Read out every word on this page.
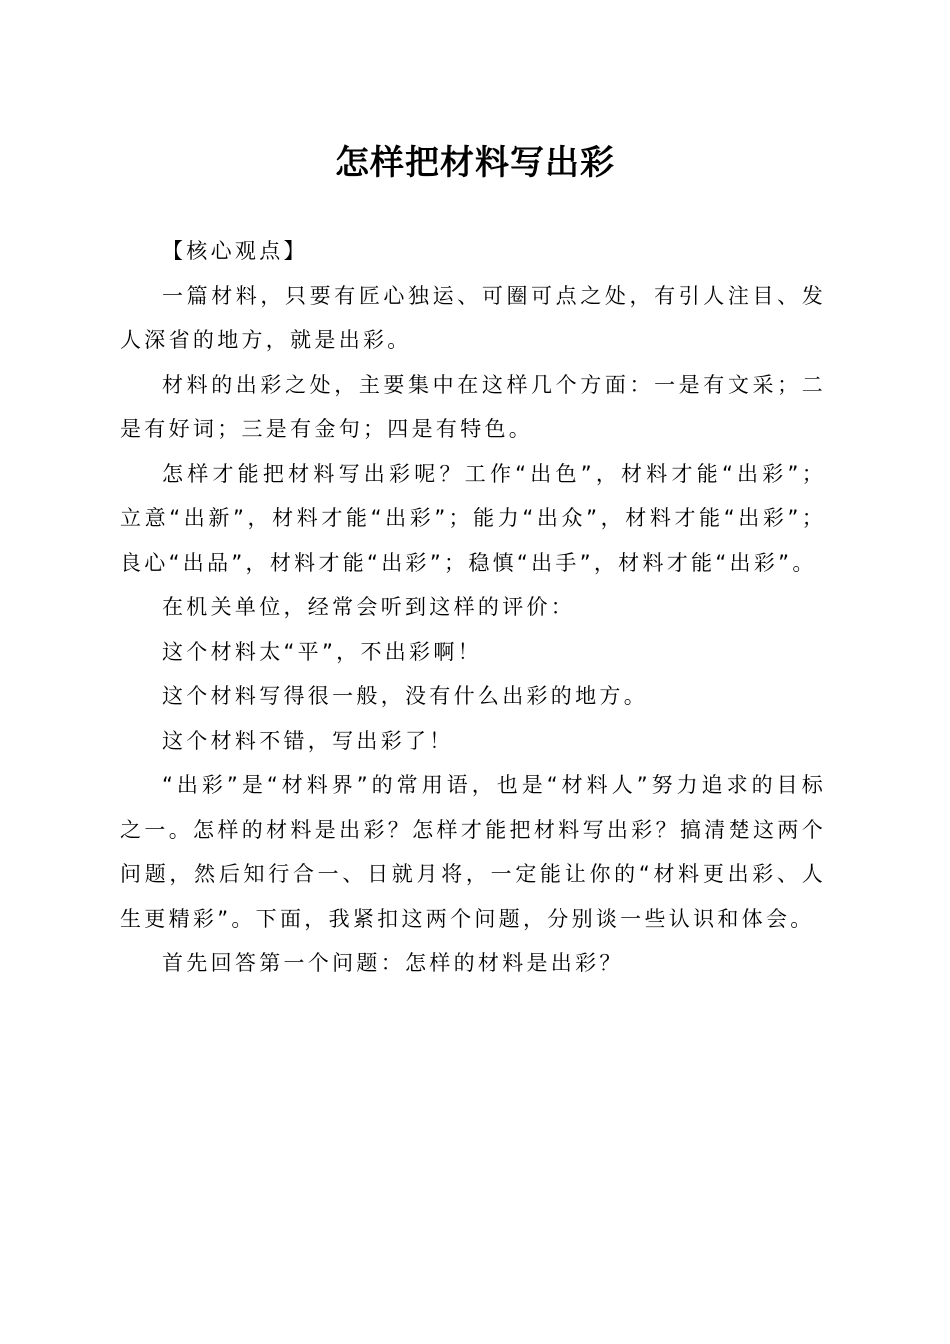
怎样把材料写出彩

【核心观点】

一篇材料，只要有匠心独运、可圈可点之处，有引人注目、发人深省的地方，就是出彩。

材料的出彩之处，主要集中在这样几个方面：一是有文采；二是有好词；三是有金句；四是有特色。

怎样才能把材料写出彩呢？工作“出色”，材料才能“出彩”；立意“出新”，材料才能“出彩”；能力“出众”，材料才能“出彩”；良心“出品”，材料才能“出彩”；稳慎“出手”，材料才能“出彩”。

在机关单位，经常会听到这样的评价：

这个材料太“平”，不出彩啊！

这个材料写得很一般，没有什么出彩的地方。

这个材料不错，写出彩了！

“出彩”是“材料界”的常用语，也是“材料人”努力追求的目标之一。怎样的材料是出彩？怎样才能把材料写出彩？搞清楚这两个问题，然后知行合一、日就月将，一定能让你的“材料更出彩、人生更精彩”。下面，我紧扣这两个问题，分别谈一些认识和体会。

首先回答第一个问题：怎样的材料是出彩？
